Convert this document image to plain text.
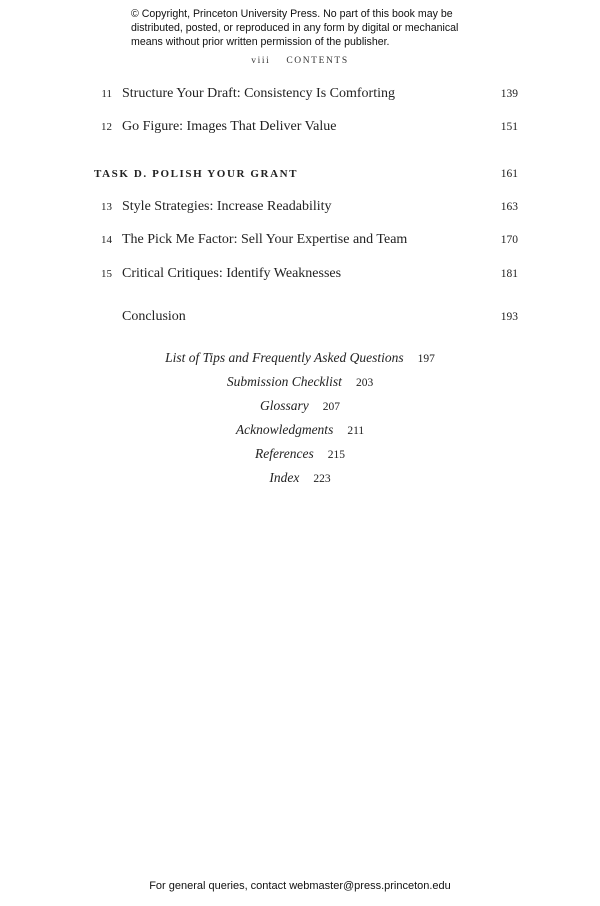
© Copyright, Princeton University Press. No part of this book may be
distributed, posted, or reproduced in any form by digital or mechanical
means without prior written permission of the publisher.
viii CONTENTS
11 Structure Your Draft: Consistency Is Comforting	139
12 Go Figure: Images That Deliver Value	151
TASK D. POLISH YOUR GRANT	161
13 Style Strategies: Increase Readability	163
14 The Pick Me Factor: Sell Your Expertise and Team	170
15 Critical Critiques: Identify Weaknesses	181
Conclusion	193
List of Tips and Frequently Asked Questions 197
Submission Checklist 203
Glossary 207
Acknowledgments 211
References 215
Index 223
For general queries, contact webmaster@press.princeton.edu
